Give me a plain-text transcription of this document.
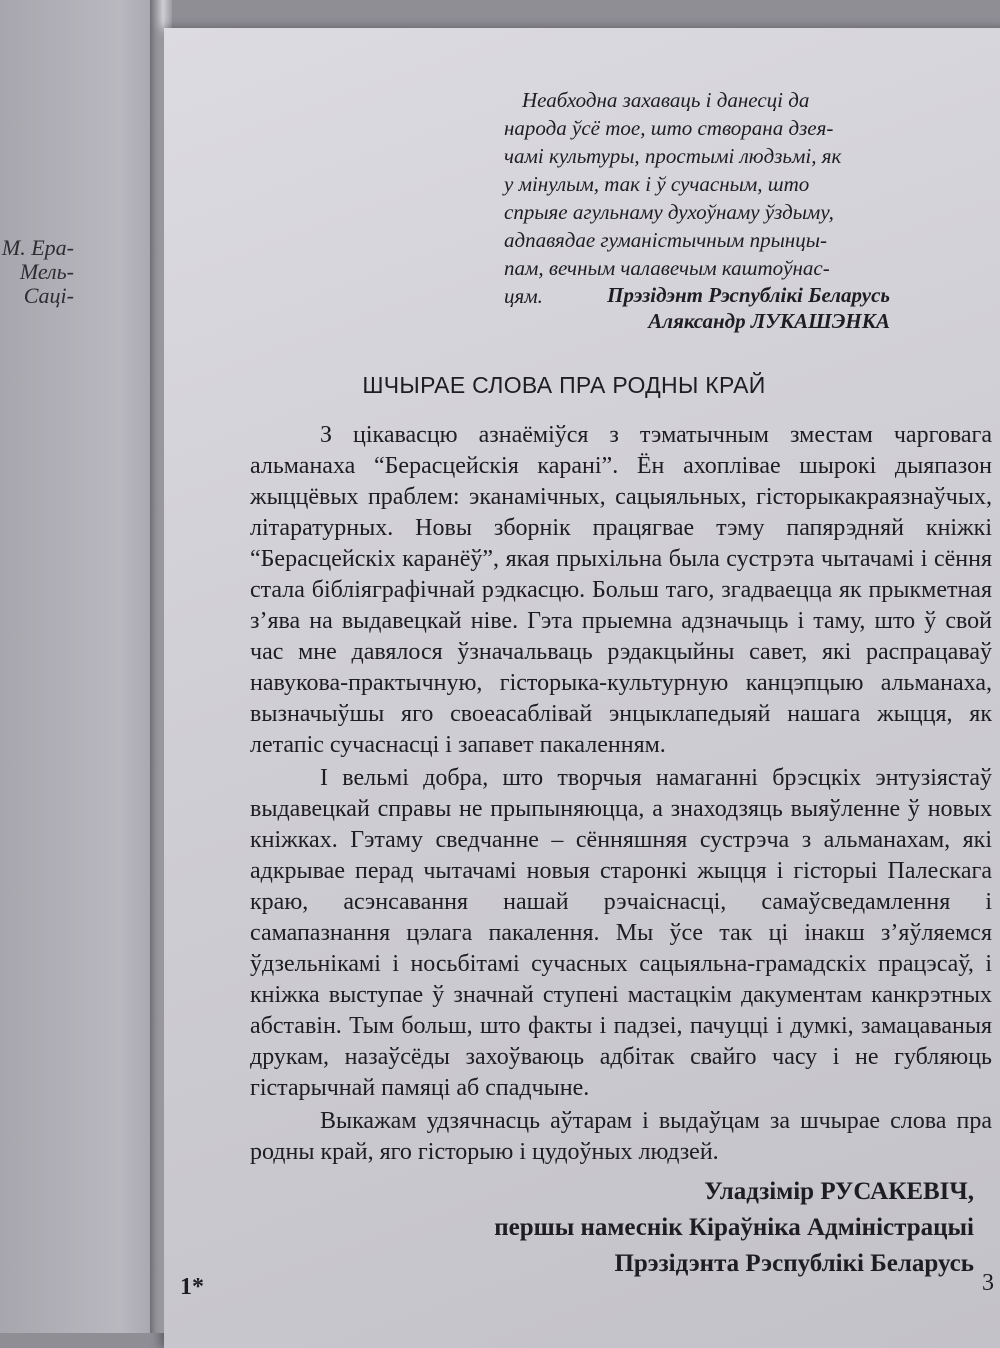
М. Ера-
Мель-
Сацi-
Неабходна захаваць i данесцi да
народа ўсё тое, што створана дзея-
чамi культуры, простымi людзьмi, як
у мiнулым, так i ў сучасным, што
спрыяе агульнаму духоўнаму ўздыму,
адпавядае гуманiстычным прынцы-
пам, вечным чалавечым каштоўнас-
цям.	Прэзiдэнт Рэспублiкi Беларусь
Аляксандр ЛУКАШЭНКА
ШЧЫРАЕ СЛОВА ПРА РОДНЫ КРАЙ

З цiкавасцю азнаёмiўся з тэматычным зместам чарговага альманаха “Берасцейскiя каранi”. Ён ахоплiвае шырокi дыяпазон жыццёвых праблем: эканамiчных, сацыяльных, гiсторыкакраязнаўчых, лiтаратурных. Новы зборнiк працягвае тэму папярэдняй кнiжкi “Берасцейскiх каранёў”, якая прыхiльна была сустрэта чытачамi i сёння стала бiблiяграфiчнай рэдкасцю. Больш таго, згадваецца як прыкметная з’ява на выдавецкай нiве. Гэта прыемна адзначыць i таму, што ў свой час мне давялося ўзначальваць рэдакцыйны савет, якi распрацаваў навукова-практычную, гiсторыка-культурную канцэпцыю альманаха, вызначыўшы яго своеасаблiвай энцыклапедыяй нашага жыцця, як летапiс сучаснасцi i запавет пакаленням.

I вельмi добра, што творчыя намаганнi брэсцкiх энтузiястаў выдавецкай справы не прыпыняюцца, а знаходзяць выяўленне ў новых кнiжках. Гэтаму сведчанне – сённяшняя сустрэча з альманахам, якi адкрывае перад чытачамi новыя старонкi жыцця i гiсторыi Палескага краю, асэнсавання нашай рэчаiснасцi, самаўсведамлення i самапазнання цэлага пакалення. Мы ўсе так цi iнакш з’яўляемся ўдзельнiкамi i носьбiтамi сучасных сацыяльна-грамадскiх працэсаў, i кнiжка выступае ў значнай ступенi мастацкiм дакументам канкрэтных абставiн. Тым больш, што факты i падзеi, пачуццi i думкi, замацаваныя друкам, назаўсёды захоўваюць адбiтак свайго часу i не губляюць гiстарычнай памяцi аб спадчыне.

Выкажам удзячнасць аўтарам i выдаўцам за шчырае слова пра родны край, яго гiсторыю i цудоўных людзей.

Уладзiмiр РУСАКЕВIЧ,
першы намеснiк Кiраўнiка Адмiнiстрацыi
Прэзiдэнта Рэспублiкi Беларусь
1*	3
